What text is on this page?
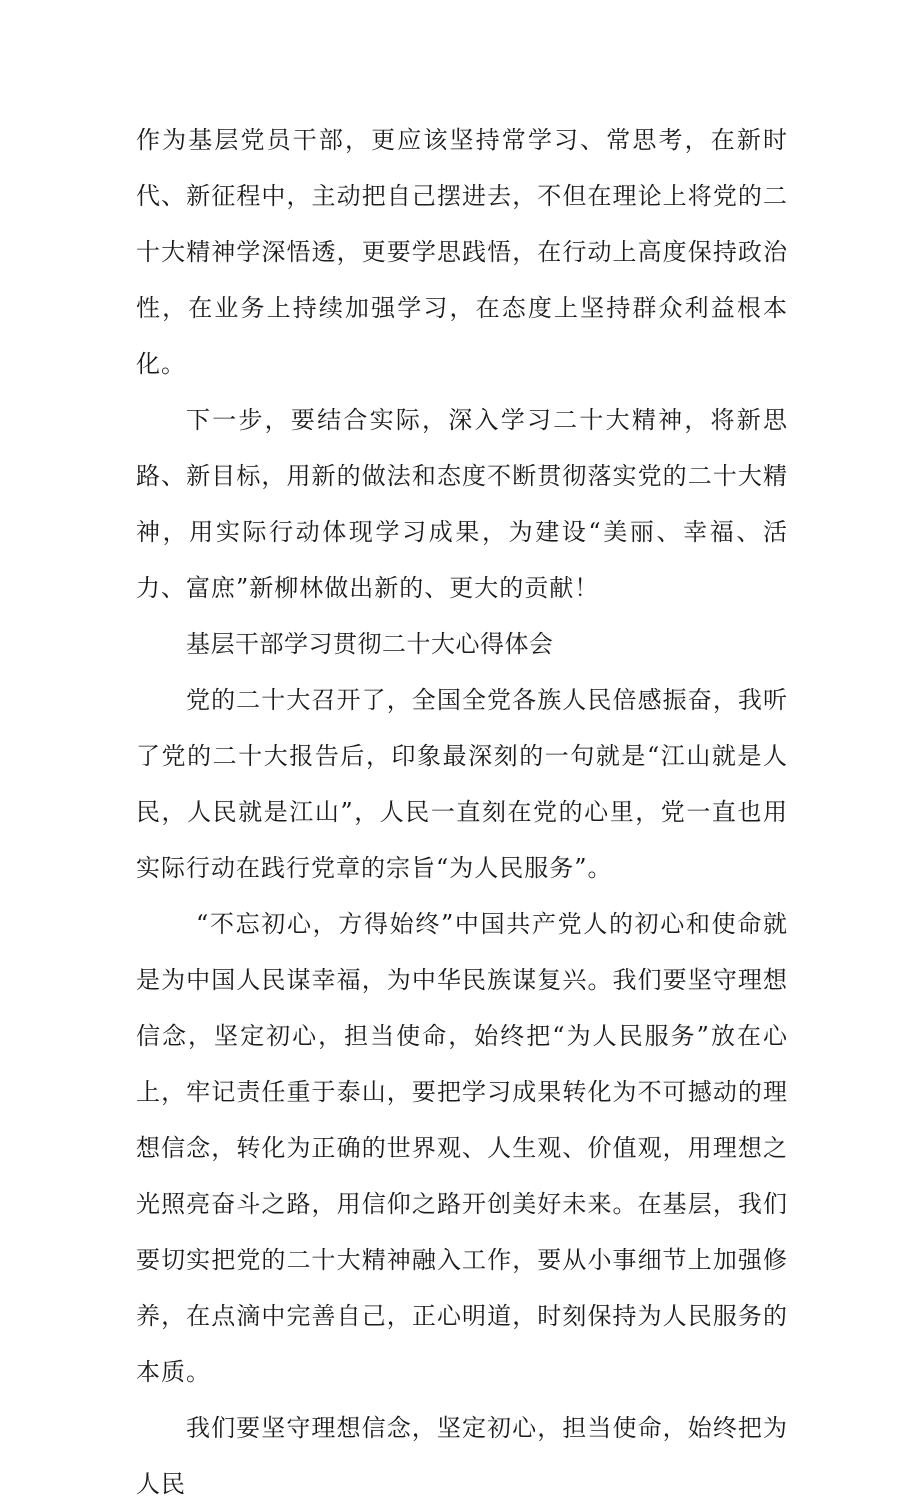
作为基层党员干部，更应该坚持常学习、常思考，在新时代、新征程中，主动把自己摆进去，不但在理论上将党的二十大精神学深悟透，更要学思践悟，在行动上高度保持政治性，在业务上持续加强学习，在态度上坚持群众利益根本化。

下一步，要结合实际，深入学习二十大精神，将新思路、新目标，用新的做法和态度不断贯彻落实党的二十大精神，用实际行动体现学习成果，为建设“美丽、幸福、活力、富庶”新柳林做出新的、更大的贡献！

基层干部学习贯彻二十大心得体会

党的二十大召开了，全国全党各族人民倍感振奋，我听了党的二十大报告后，印象最深刻的一句就是“江山就是人民，人民就是江山”，人民一直刻在党的心里，党一直也用实际行动在践行党章的宗旨“为人民服务”。

“不忘初心，方得始终”中国共产党人的初心和使命就是为中国人民谋幸福，为中华民族谋复兴。我们要坚守理想信念，坚定初心，担当使命，始终把“为人民服务”放在心上，牢记责任重于泰山，要把学习成果转化为不可撼动的理想信念，转化为正确的世界观、人生观、价值观，用理想之光照亮奋斗之路，用信仰之路开创美好未来。在基层，我们要切实把党的二十大精神融入工作，要从小事细节上加强修养，在点滴中完善自己，正心明道，时刻保持为人民服务的本质。

我们要坚守理想信念，坚定初心，担当使命，始终把为人民
